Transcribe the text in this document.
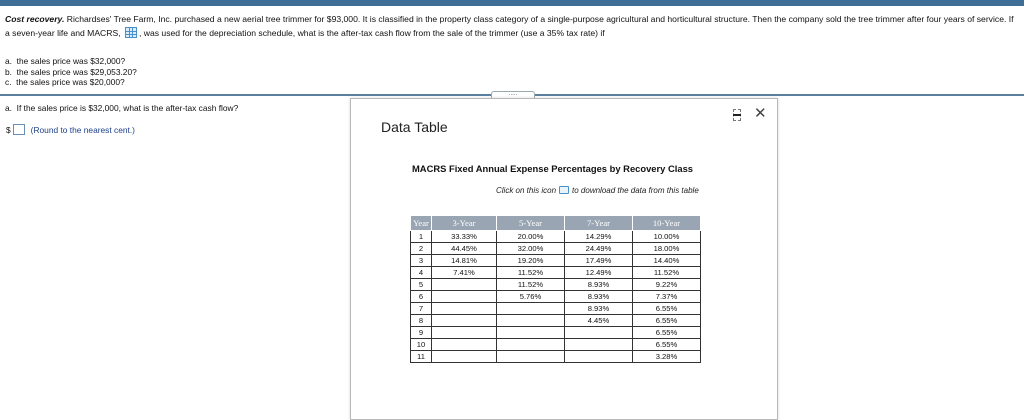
Cost recovery. Richardses' Tree Farm, Inc. purchased a new aerial tree trimmer for $93,000. It is classified in the property class category of a single-purpose agricultural and horticultural structure. Then the company sold the tree trimmer after four years of service. If a seven-year life and MACRS, , was used for the depreciation schedule, what is the after-tax cash flow from the sale of the trimmer (use a 35% tax rate) if
a. the sales price was $32,000?
b. the sales price was $29,053.20?
c. the sales price was $20,000?
.....
a. If the sales price is $32,000, what is the after-tax cash flow?
$ (Round to the nearest cent.)	Data Table
✕
MACRS Fixed Annual Expense Percentages by Recovery Class
Click on this icon to download the data from this table
Year	3-Year	5-Year	7-Year	10-Year
1	33.33%	20.00%	14.29%	10.00%
2	44.45%	32.00%	24.49%	18.00%
3	14.81%	19.20%	17.49%	14.40%
4	7.41%	11.52%	12.49%	11.52%
5		11.52%	8.93%	9.22%
6		5.76%	8.93%	7.37%
7			8.93%	6.55%
8			4.45%	6.55%
9				6.55%
10				6.55%
11				3.28%
